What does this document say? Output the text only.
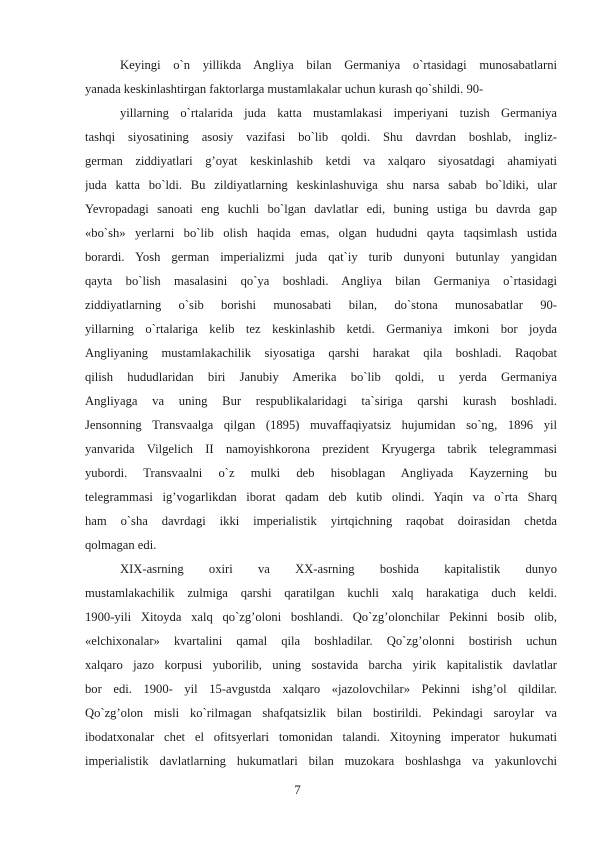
Keyingi o`n yillikda Angliya bilan Germaniya o`rtasidagi munosabatlarni
yanada keskinlashtirgan faktorlarga mustamlakalar uchun kurash qo`shildi. 90-
yillarning o`rtalarida juda katta mustamlakasi imperiyani tuzish Germaniya
tashqi siyosatining asosiy vazifasi bo`lib qoldi. Shu davrdan boshlab, ingliz-
german ziddiyatlari g’oyat keskinlashib ketdi va xalqaro siyosatdagi ahamiyati
juda katta bo`ldi. Bu zildiyatlarning keskinlashuviga shu narsa sabab bo`ldiki, ular
Yevropadagi sanoati eng kuchli bo`lgan davlatlar edi, buning ustiga bu davrda gap
«bo`sh» yerlarni bo`lib olish haqida emas, olgan hududni qayta taqsimlash ustida
borardi. Yosh german imperializmi juda qat`iy turib dunyoni butunlay yangidan
qayta bo`lish masalasini qo`ya boshladi. Angliya bilan Germaniya o`rtasidagi
ziddiyatlarning o`sib borishi munosabati bilan, do`stona munosabatlar 90-
yillarning o`rtalariga kelib tez keskinlashib ketdi. Germaniya imkoni bor joyda
Angliyaning mustamlakachilik siyosatiga qarshi harakat qila boshladi. Raqobat
qilish hududlaridan biri Janubiy Amerika bo`lib qoldi, u yerda Germaniya
Angliyaga va uning Bur respublikalaridagi ta`siriga qarshi kurash boshladi.
Jensonning Transvaalga qilgan (1895) muvaffaqiyatsiz hujumidan so`ng, 1896 yil
yanvarida Vilgelich II namoyishkorona prezident Kryugerga tabrik telegrammasi
yubordi. Transvaalni o`z mulki deb hisoblagan Angliyada Kayzerning bu
telegrammasi ig’vogarlikdan iborat qadam deb kutib olindi. Yaqin va o`rta Sharq
ham o`sha davrdagi ikki imperialistik yirtqichning raqobat doirasidan chetda
qolmagan edi.
XIX-asrning oxiri va XX-asrning boshida kapitalistik dunyo
mustamlakachilik zulmiga qarshi qaratilgan kuchli xalq harakatiga duch keldi.
1900-yili Xitoyda xalq qo`zg’oloni boshlandi. Qo`zg’olonchilar Pekinni bosib olib,
«elchixonalar» kvartalini qamal qila boshladilar. Qo`zg’olonni bostirish uchun
xalqaro jazo korpusi yuborilib, uning sostavida barcha yirik kapitalistik davlatlar
bor edi. 1900- yil 15-avgustda xalqaro «jazolovchilar» Pekinni ishg’ol qildilar.
Qo`zg’olon misli ko`rilmagan shafqatsizlik bilan bostirildi. Pekindagi saroylar va
ibodatxonalar chet el ofitsyerlari tomonidan talandi. Xitoyning imperator hukumati
imperialistik davlatlarning hukumatlari bilan muzokara boshlashga va yakunlovchi
7
